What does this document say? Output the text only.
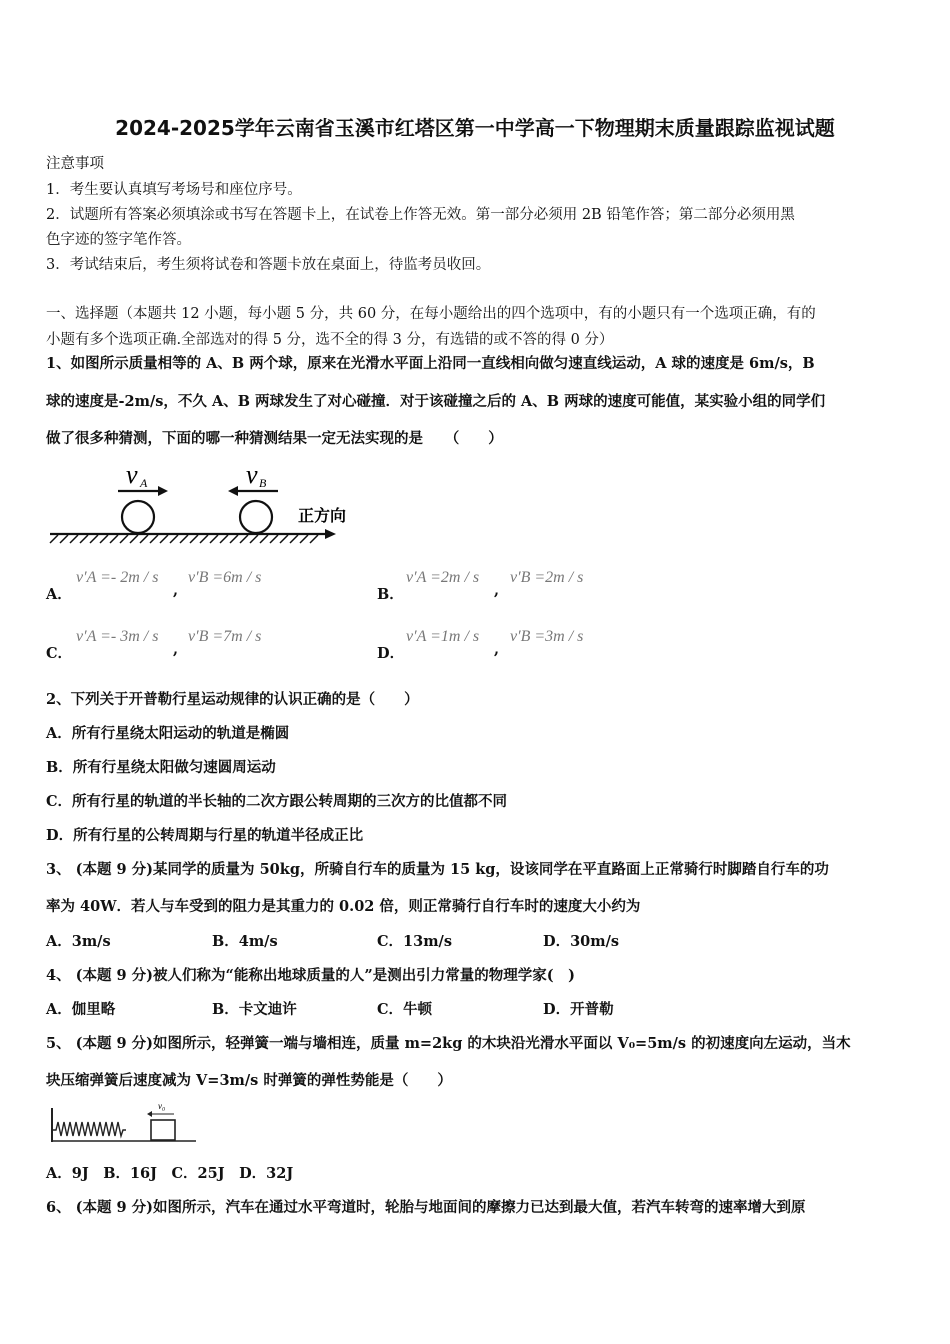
2024-2025学年云南省玉溪市红塔区第一中学高一下物理期末质量跟踪监视试题
注意事项
1．考生要认真填写考场号和座位序号。
2．试题所有答案必须填涂或书写在答题卡上，在试卷上作答无效。第一部分必须用 2B 铅笔作答；第二部分必须用黑
色字迹的签字笔作答。
3．考试结束后，考生须将试卷和答题卡放在桌面上，待监考员收回。
一、选择题（本题共 12 小题，每小题 5 分，共 60 分，在每小题给出的四个选项中，有的小题只有一个选项正确，有的
小题有多个选项正确.全部选对的得 5 分，选不全的得 3 分，有选错的或不答的得 0 分）
1、如图所示质量相等的 A、B 两个球，原来在光滑水平面上沿同一直线相向做匀速直线运动，A 球的速度是 6m/s，B
球的速度是-2m/s，不久 A、B 两球发生了对心碰撞．对于该碰撞之后的 A、B 两球的速度可能值，某实验小组的同学们
做了很多种猜测，下面的哪一种猜测结果一定无法实现的是　　（　　）
v A	v B
正方向
A．
v′A =- 2m / s
,
v′B =6m / s
B．
v′A =2m / s
,
v′B =2m / s
C．
v′A =- 3m / s
,
v′B =7m / s
D．
v′A =1m / s
,
v′B =3m / s
2、下列关于开普勒行星运动规律的认识正确的是（　　）
A．所有行星绕太阳运动的轨道是椭圆
B．所有行星绕太阳做匀速圆周运动
C．所有行星的轨道的半长轴的二次方跟公转周期的三次方的比值都不同
D．所有行星的公转周期与行星的轨道半径成正比
3、 (本题 9 分)某同学的质量为 50kg，所骑自行车的质量为 15 kg，设该同学在平直路面上正常骑行时脚踏自行车的功
率为 40W．若人与车受到的阻力是其重力的 0.02 倍，则正常骑行自行车时的速度大小约为
A．3m/s	B．4m/s	C．13m/s	D．30m/s
4、 (本题 9 分)被人们称为“能称出地球质量的人”是测出引力常量的物理学家(　)
A．伽里略	B．卡文迪许	C．牛顿	D．开普勒
5、 (本题 9 分)如图所示，轻弹簧一端与墙相连，质量 m=2kg 的木块沿光滑水平面以 V₀=5m/s 的初速度向左运动，当木
块压缩弹簧后速度减为 V=3m/s 时弹簧的弹性势能是（　　）
v₀
A．9J　B．16J　C．25J　D．32J
6、 (本题 9 分)如图所示，汽车在通过水平弯道时，轮胎与地面间的摩擦力已达到最大值，若汽车转弯的速率增大到原
